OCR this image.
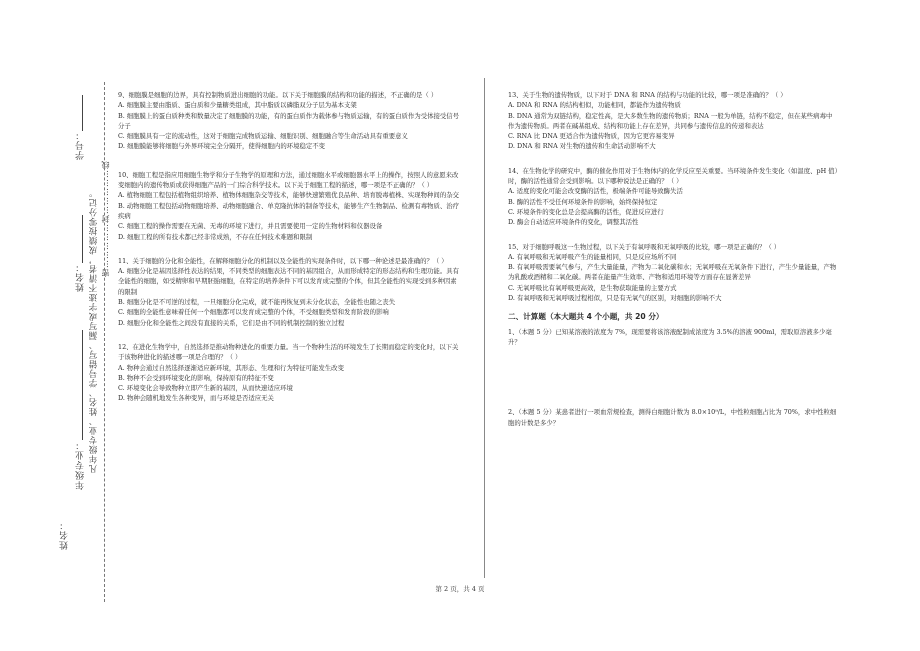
学号：
姓名：
年级专业： 凡年级专业、姓名、学号错写、漏写或字迹不清者，成绩按零分记。 密……………封……………线
姓名：

9、细胞膜是细胞的边界，具有控制物质进出细胞的功能。以下关于细胞膜的结构和功能的描述，不正确的是（ ）

A. 细胞膜主要由脂质、蛋白质和少量糖类组成，其中脂质以磷脂双分子层为基本支架

B. 细胞膜上的蛋白质种类和数量决定了细胞膜的功能，有的蛋白质作为载体参与物质运输，有的蛋白质作为受体接受信号分子

C. 细胞膜具有一定的流动性，这对于细胞完成物质运输、细胞识别、细胞融合等生命活动具有重要意义

D. 细胞膜能够将细胞与外界环境完全分隔开，使得细胞内的环境稳定不变

10、细胞工程是指应用细胞生物学和分子生物学的原理和方法，通过细胞水平或细胞器水平上的操作，按照人的意愿来改变细胞内的遗传物质或获得细胞产品的一门综合科学技术。以下关于细胞工程的描述，哪一项是不正确的？（ ）

A. 植物细胞工程包括植物组织培养、植物体细胞杂交等技术，能够快速繁殖优良品种、培育脱毒植株、实现物种间的杂交

B. 动物细胞工程包括动物细胞培养、动物细胞融合、单克隆抗体的制备等技术，能够生产生物制品、检测有毒物质、治疗疾病

C. 细胞工程的操作需要在无菌、无毒的环境下进行，并且需要使用一定的生物材料和仪器设备

D. 细胞工程的所有技术都已经非常成熟，不存在任何技术难题和限制

11、关于细胞的分化和全能性，在解释细胞分化的机制以及全能性的实现条件时，以下哪一种论述是最准确的？（ ）

A. 细胞分化是基因选择性表达的结果，不同类型的细胞表达不同的基因组合，从而形成特定的形态结构和生理功能。具有全能性的细胞，如受精卵和早期胚胎细胞，在特定的培养条件下可以发育成完整的个体，但其全能性的实现受到多种因素的限制

B. 细胞分化是不可逆的过程，一旦细胞分化完成，就不能再恢复到未分化状态，全能性也随之丧失

C. 细胞的全能性意味着任何一个细胞都可以发育成完整的个体，不受细胞类型和发育阶段的影响

D. 细胞分化和全能性之间没有直接的关系，它们是由不同的机制控制的独立过程

12、在进化生物学中，自然选择是推动物种进化的重要力量。当一个物种生活的环境发生了长期而稳定的变化时，以下关于该物种进化的描述哪一项是合理的？（ ）

A. 物种会通过自然选择逐渐适应新环境，其形态、生理和行为特征可能发生改变

B. 物种不会受到环境变化的影响，保持原有的特征不变

C. 环境变化会导致物种立即产生新的基因，从而快速适应环境

D. 物种会随机地发生各种变异，而与环境是否适应无关

13、关于生物的遗传物质，以下对于 DNA 和 RNA 的结构与功能的比较，哪一项是准确的？（ ）

A. DNA 和 RNA 的结构相似，功能相同，都能作为遗传物质

B. DNA 通常为双链结构，稳定性高，是大多数生物的遗传物质；RNA 一般为单链，结构不稳定，但在某些病毒中作为遗传物质。两者在碱基组成、结构和功能上存在差异，共同参与遗传信息的传递和表达

C. RNA 比 DNA 更适合作为遗传物质，因为它更容易变异

D. DNA 和 RNA 对生物的遗传和生命活动影响不大

14、在生物化学的研究中，酶的催化作用对于生物体内的化学反应至关重要。当环境条件发生变化（如温度、pH 值）时，酶的活性通常会受到影响。以下哪种说法是正确的？（ ）

A. 适度的变化可能会改变酶的活性，极端条件可能导致酶失活

B. 酶的活性不受任何环境条件的影响，始终保持恒定

C. 环境条件的变化总是会提高酶的活性，促进反应进行

D. 酶会自动适应环境条件的变化，调整其活性

15、对于细胞呼吸这一生物过程，以下关于有氧呼吸和无氧呼吸的比较，哪一项是正确的？（ ）

A. 有氧呼吸和无氧呼吸产生的能量相同，只是反应场所不同

B. 有氧呼吸需要氧气参与，产生大量能量，产物为二氧化碳和水；无氧呼吸在无氧条件下进行，产生少量能量，产物为乳酸或酒精和二氧化碳。两者在能量产生效率、产物和适用环境等方面存在显著差异

C. 无氧呼吸比有氧呼吸更高效，是生物获取能量的主要方式

D. 有氧呼吸和无氧呼吸过程相似，只是有无氧气的区别，对细胞的影响不大

二、计算题（本大题共 4 个小题，共 20 分）
1、（本题 5 分）已知某溶液的浓度为 7%，现需要将该溶液配制成浓度为 3.5%的溶液 900ml，需取原溶液多少毫升？
2、（本题 5 分）某患者进行一项血常规检查，测得白细胞计数为 8.0×10⁹/L，中性粒细胞占比为 70%，求中性粒细胞的计数是多少？
第 2 页，共 4 页
